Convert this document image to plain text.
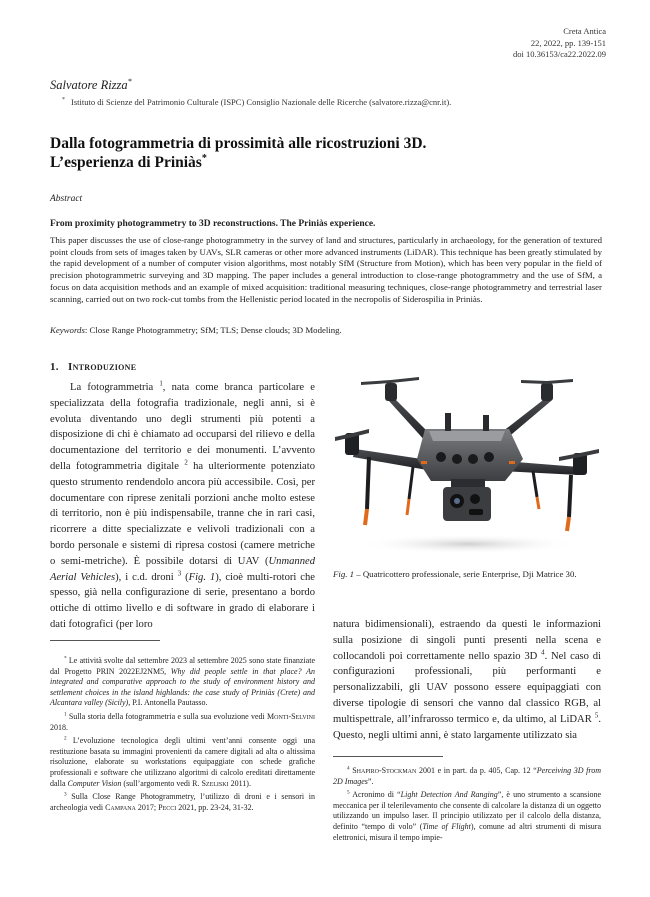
Creta Antica
22, 2022, pp. 139-151
doi 10.36153/ca22.2022.09
Salvatore Rizza*
* Istituto di Scienze del Patrimonio Culturale (ISPC) Consiglio Nazionale delle Ricerche (salvatore.rizza@cnr.it).
Dalla fotogrammetria di prossimità alle ricostruzioni 3D.
L’esperienza di Priniàs*
Abstract
From proximity photogrammetry to 3D reconstructions. The Priniàs experience.
This paper discusses the use of close-range photogrammetry in the survey of land and structures, particularly in archaeology, for the generation of textured point clouds from sets of images taken by UAVs, SLR cameras or other more advanced instruments (LiDAR). This technique has been greatly stimulated by the rapid development of a number of computer vision algorithms, most notably SfM (Structure from Motion), which has been very popular in the field of precision photogrammetric surveying and 3D mapping. The paper includes a general introduction to close-range photogrammetry and the use of SfM, a focus on data acquisition methods and an example of mixed acquisition: traditional measuring techniques, close-range photogrammetry and terrestrial laser scanning, carried out on two rock-cut tombs from the Hellenistic period located in the necropolis of Siderospilia in Priniàs.
Keywords: Close Range Photogrammetry; SfM; TLS; Dense clouds; 3D Modeling.
1. Introduzione

La fotogrammetria $^1$, nata come branca particolare e specializzata della fotografia tradizionale, negli anni, si è evoluta diventando uno degli strumenti più potenti a disposizione di chi è chiamato ad occuparsi del rilievo e della documentazione del territorio e dei monumenti. L’avvento della fotogrammetria digitale $^2$ ha ulteriormente potenziato questo strumento rendendolo ancora più accessibile. Così, per documentare con riprese zenitali porzioni anche molto estese di territorio, non è più indispensabile, tranne che in rari casi, ricorrere a ditte specializzate e velivoli tradizionali con a bordo personale e sistemi di ripresa costosi (camere metriche o semi-metriche). È possibile dotarsi di UAV (Unmanned Aerial Vehicles), i c.d. droni $^3$ (Fig. 1), cioè multi-rotori che spesso, già nella configurazione di serie, presentano a bordo ottiche di ottimo livello e di software in grado di elaborare i dati fotografici (per loro

Fig. 1 – Quatricottero professionale, serie Enterprise, Dji Matrice 30.

natura bidimensionali), estraendo da questi le informazioni sulla posizione di singoli punti presenti nella scena e collocandoli poi correttamente nello spazio 3D $^4$. Nel caso di configurazioni professionali, più performanti e personalizzabili, gli UAV possono essere equipaggiati con diverse tipologie di sensori che vanno dal classico RGB, al multispettrale, all’infrarosso termico e, da ultimo, al LiDAR $^5$. Questo, negli ultimi anni, è stato largamente utilizzato sia

* Le attività svolte dal settembre 2023 al settembre 2025 sono state finanziate dal Progetto PRIN 2022EJ2NM5, Why did people settle in that place? An integrated and comparative approach to the study of environment history and settlement choices in the island highlands: the case study of Priniàs (Crete) and Alcantara valley (Sicily), P.I. Antonella Pautasso.

$^1$ Sulla storia della fotogrammetria e sulla sua evoluzione vedi Monti-Selvini 2018.

$^2$ L’evoluzione tecnologica degli ultimi vent’anni consente oggi una restituzione basata su immagini provenienti da camere digitali ad alta o altissima risoluzione, elaborate su workstations equipaggiate con schede grafiche professionali e software che utilizzano algoritmi di calcolo ereditati direttamente dalla Computer Vision (sull’argomento vedi R. Szeliski 2011).

$^3$ Sulla Close Range Photogrammetry, l’utilizzo di droni e i sensori in archeologia vedi Campana 2017; Pecci 2021, pp. 23-24, 31-32.

$^4$ Shapiro-Stockman 2001 e in part. da p. 405, Cap. 12 “Perceiving 3D from 2D Images”.

$^5$ Acronimo di “Light Detection And Ranging”, è uno strumento a scansione meccanica per il telerilevamento che consente di calcolare la distanza di un oggetto utilizzando un impulso laser. Il principio utilizzato per il calcolo della distanza, definito “tempo di volo” (Time of Flight), comune ad altri strumenti di misura elettronici, misura il tempo impie-
